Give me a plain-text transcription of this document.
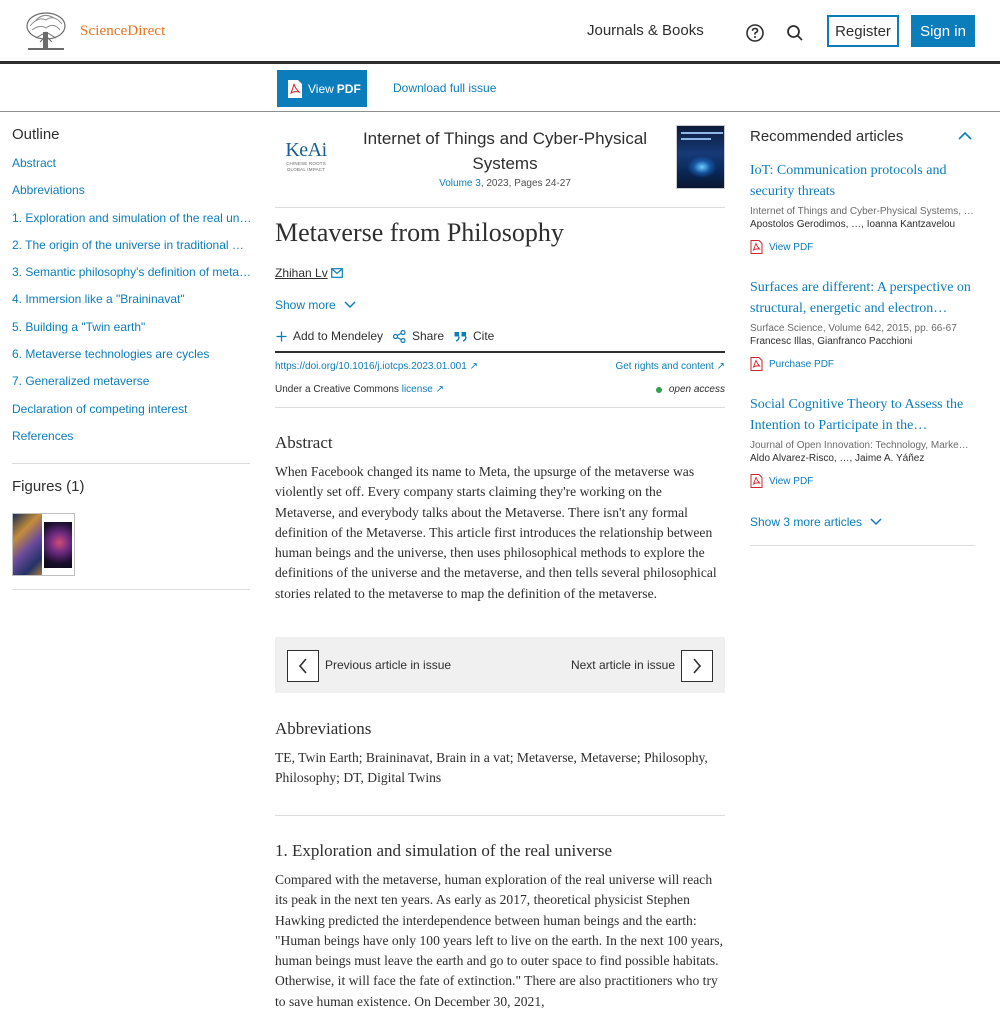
ScienceDirect	Journals & Books	Register	Sign in
View PDF	Download full issue
Outline
Abstract
Abbreviations
1. Exploration and simulation of the real un…
2. The origin of the universe in traditional …
3. Semantic philosophy's definition of meta…
4. Immersion like a "Braininavat"
5. Building a "Twin earth"
6. Metaverse technologies are cycles
7. Generalized metaverse
Declaration of competing interest
References
Figures (1)
KeAi
CHINESE ROOTS
GLOBAL IMPACT
Internet of Things and Cyber-Physical Systems
Volume 3, 2023, Pages 24-27
Metaverse from Philosophy
Zhihan Lv
Show more
Add to Mendeley Share Cite
https://doi.org/10.1016/j.iotcps.2023.01.001 ↗	Get rights and content ↗
Under a Creative Commons license ↗	open access
Abstract

When Facebook changed its name to Meta, the upsurge of the metaverse was violently set off. Every company starts claiming they're working on the Metaverse, and everybody talks about the Metaverse. There isn't any formal definition of the Metaverse. This article first introduces the relationship between human beings and the universe, then uses philosophical methods to explore the definitions of the universe and the metaverse, and then tells several philosophical stories related to the metaverse to map the definition of the metaverse.

Previous article in issue	Next article in issue
Abbreviations

TE, Twin Earth; Braininavat, Brain in a vat; Metaverse, Metaverse; Philosophy, Philosophy; DT, Digital Twins

1. Exploration and simulation of the real universe

Compared with the metaverse, human exploration of the real universe will reach its peak in the next ten years. As early as 2017, theoretical physicist Stephen Hawking predicted the interdependence between human beings and the earth: "Human beings have only 100 years left to live on the earth. In the next 100 years, human beings must leave the earth and go to outer space to find possible habitats. Otherwise, it will face the fate of extinction." There are also practitioners who try to save human existence. On December 30, 2021,

Recommended articles
IoT: Communication protocols and security threats
Internet of Things and Cyber-Physical Systems, …
Apostolos Gerodimos, …, Ioanna Kantzavelou
View PDF
Surfaces are different: A perspective on structural, energetic and electron…
Surface Science, Volume 642, 2015, pp. 66-67
Francesc Illas, Gianfranco Pacchioni
Purchase PDF
Social Cognitive Theory to Assess the Intention to Participate in the…
Journal of Open Innovation: Technology, Marke…
Aldo Alvarez-Risco, …, Jaime A. Yáñez
View PDF
Show 3 more articles
